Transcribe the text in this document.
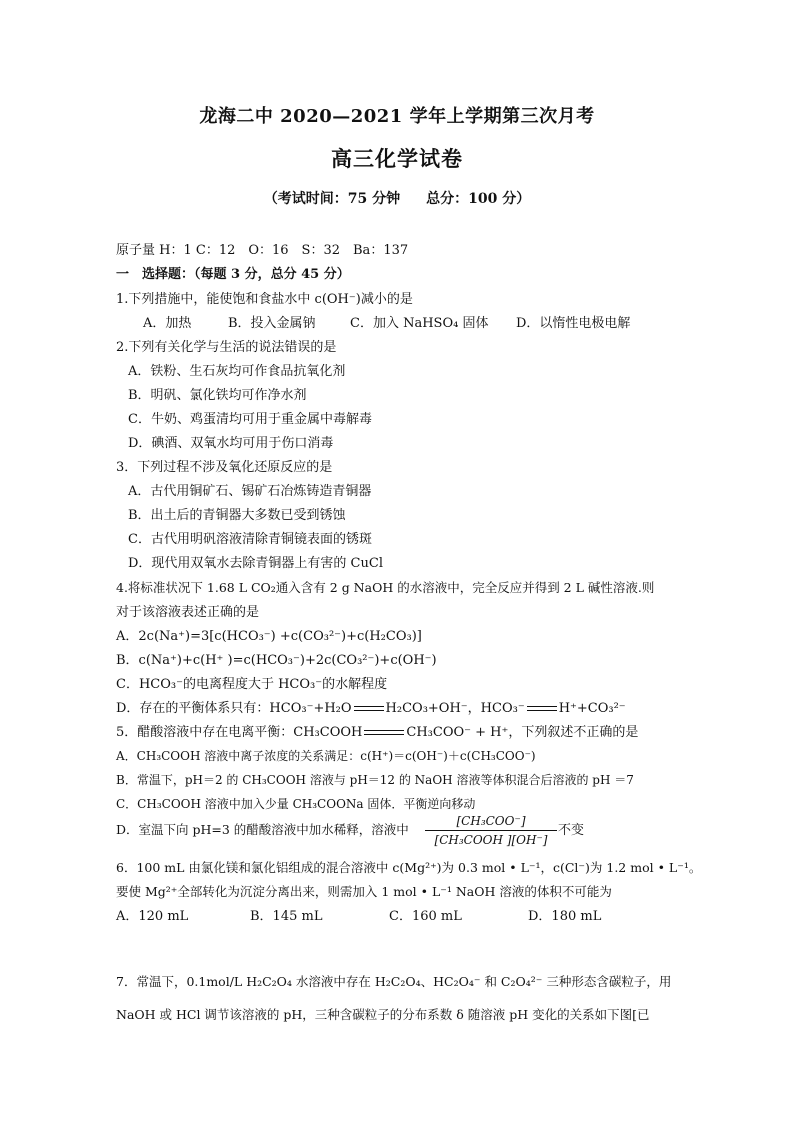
龙海二中 2020—2021 学年上学期第三次月考
高三化学试卷
（考试时间：75 分钟 总分：100 分）
原子量 H：1 C：12　O：16　S：32　Ba：137
一　选择题：（每题 3 分，总分 45 分）
1.下列措施中，能使饱和食盐水中 c(OH⁻)减小的是
A．加热	B．投入金属钠	C．加入 NaHSO₄ 固体 D．以惰性电极电解
2.下列有关化学与生活的说法错误的是
A．铁粉、生石灰均可作食品抗氧化剂
B．明矾、氯化铁均可作净水剂
C．牛奶、鸡蛋清均可用于重金属中毒解毒
D．碘酒、双氧水均可用于伤口消毒
3．下列过程不涉及氧化还原反应的是
A．古代用铜矿石、锡矿石冶炼铸造青铜器
B．出土后的青铜器大多数已受到锈蚀
C．古代用明矾溶液清除青铜镜表面的锈斑
D．现代用双氧水去除青铜器上有害的 CuCl
4.将标准状况下 1.68 L CO₂通入含有 2 g NaOH 的水溶液中，完全反应并得到 2 L 碱性溶液.则
对于该溶液表述正确的是
A．2c(Na⁺)=3[c(HCO₃⁻) +c(CO₃²⁻)+c(H₂CO₃)]
B．c(Na⁺)+c(H⁺ )=c(HCO₃⁻)+2c(CO₃²⁻)+c(OH⁻)
C．HCO₃⁻的电离程度大于 HCO₃⁻的水解程度
D．存在的平衡体系只有：HCO₃⁻+H₂O	H₂CO₃+OH⁻，HCO₃⁻	H⁺+CO₃²⁻
5．醋酸溶液中存在电离平衡：CH₃COOH	CH₃COO⁻ + H⁺，下列叙述不正确的是
A．CH₃COOH 溶液中离子浓度的关系满足：c(H⁺)＝c(OH⁻)＋c(CH₃COO⁻)
B．常温下，pH＝2 的 CH₃COOH 溶液与 pH＝12 的 NaOH 溶液等体积混合后溶液的 pH ＝7
C．CH₃COOH 溶液中加入少量 CH₃COONa 固体．平衡逆向移动
D．室温下向 pH=3 的醋酸溶液中加水稀释，溶液中
[CH₃COO⁻]
[CH₃COOH ][OH⁻]
不变
6．100 mL 由氯化镁和氯化铝组成的混合溶液中 c(Mg²⁺)为 0.3 mol • L⁻¹，c(Cl⁻)为 1.2 mol • L⁻¹。
要使 Mg²⁺全部转化为沉淀分离出来，则需加入 1 mol • L⁻¹ NaOH 溶液的体积不可能为
A．120 mL	B．145 mL	C．160 mL	D．180 mL
7．常温下，0.1mol/L H₂C₂O₄ 水溶液中存在 H₂C₂O₄、HC₂O₄⁻ 和 C₂O₄²⁻ 三种形态含碳粒子，用
NaOH 或 HCl 调节该溶液的 pH，三种含碳粒子的分布系数 δ 随溶液 pH 变化的关系如下图[已
